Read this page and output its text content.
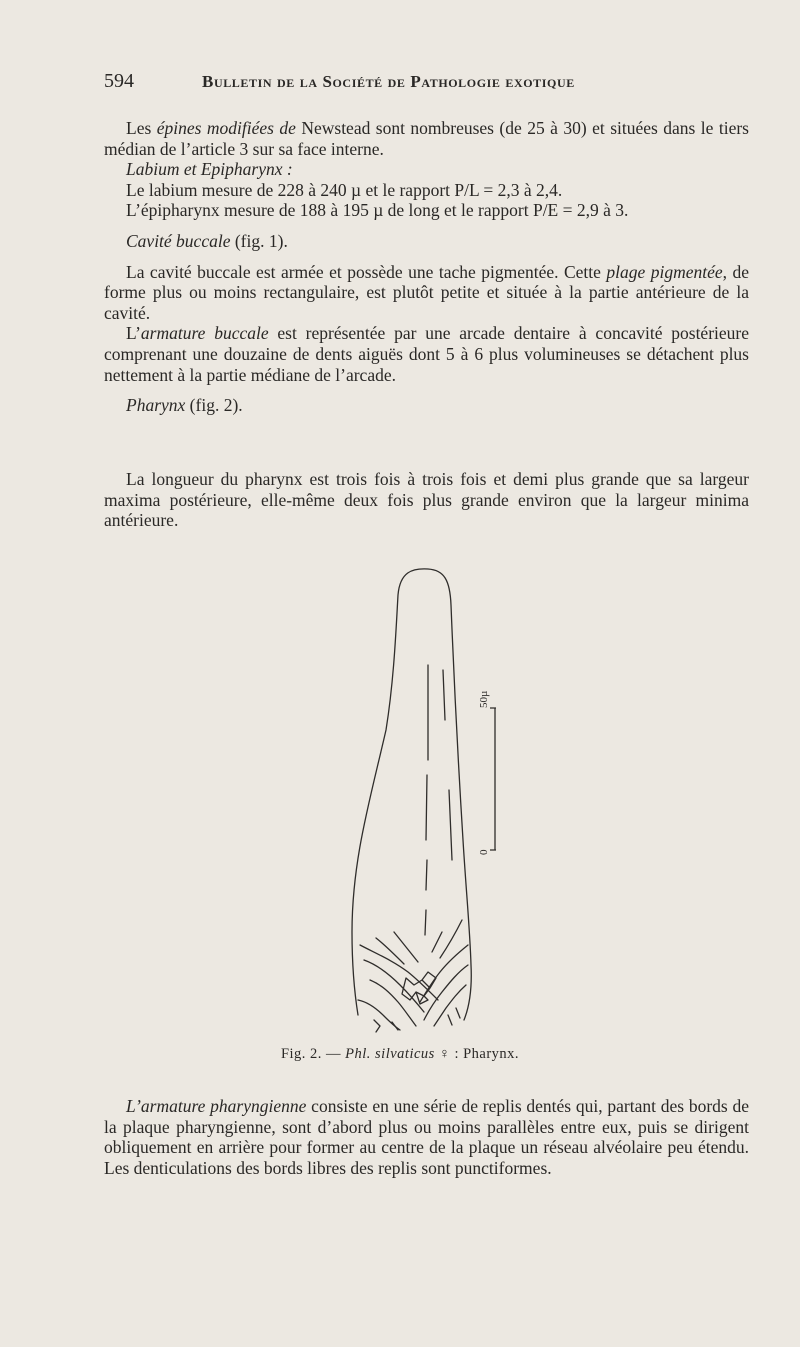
594	Bulletin de la Société de Pathologie exotique

Les épines modifiées de Newstead sont nombreuses (de 25 à 30) et situées dans le tiers médian de l’article 3 sur sa face interne.

Labium et Epipharynx :

Le labium mesure de 228 à 240 µ et le rapport P/L = 2,3 à 2,4.

L’épipharynx mesure de 188 à 195 µ de long et le rapport P/E = 2,9 à 3.

Cavité buccale (fig. 1).

La cavité buccale est armée et possède une tache pigmentée. Cette plage pigmentée, de forme plus ou moins rectangulaire, est plutôt petite et située à la partie antérieure de la cavité.

L’armature buccale est représentée par une arcade dentaire à concavité postérieure comprenant une douzaine de dents aiguës dont 5 à 6 plus volumineuses se détachent plus nettement à la partie médiane de l’arcade.

Pharynx (fig. 2).

La longueur du pharynx est trois fois à trois fois et demi plus grande que sa largeur maxima postérieure, elle-même deux fois plus grande environ que la largeur minima antérieure.

50µ
0
Fig. 2. — Phl. silvaticus ♀ : Pharynx.

L’armature pharyngienne consiste en une série de replis dentés qui, partant des bords de la plaque pharyngienne, sont d’abord plus ou moins parallèles entre eux, puis se dirigent obliquement en arrière pour former au centre de la plaque un réseau alvéolaire peu étendu. Les denticulations des bords libres des replis sont punctiformes.
